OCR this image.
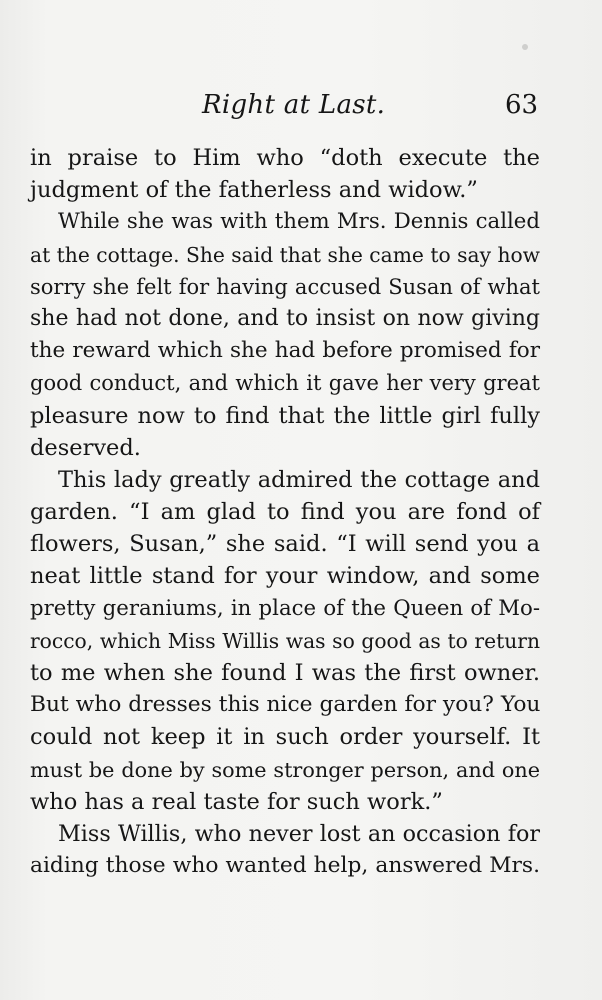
Right at Last.	63
in praise to Him who “doth execute the
judgment of the fatherless and widow.”
While she was with them Mrs. Dennis called
at the cottage. She said that she came to say how
sorry she felt for having accused Susan of what
she had not done, and to insist on now giving
the reward which she had before promised for
good conduct, and which it gave her very great
pleasure now to find that the little girl fully
deserved.
This lady greatly admired the cottage and
garden. “I am glad to find you are fond of
flowers, Susan,” she said. “I will send you a
neat little stand for your window, and some
pretty geraniums, in place of the Queen of Mo-
rocco, which Miss Willis was so good as to return
to me when she found I was the first owner.
But who dresses this nice garden for you? You
could not keep it in such order yourself. It
must be done by some stronger person, and one
who has a real taste for such work.”
Miss Willis, who never lost an occasion for
aiding those who wanted help, answered Mrs.
